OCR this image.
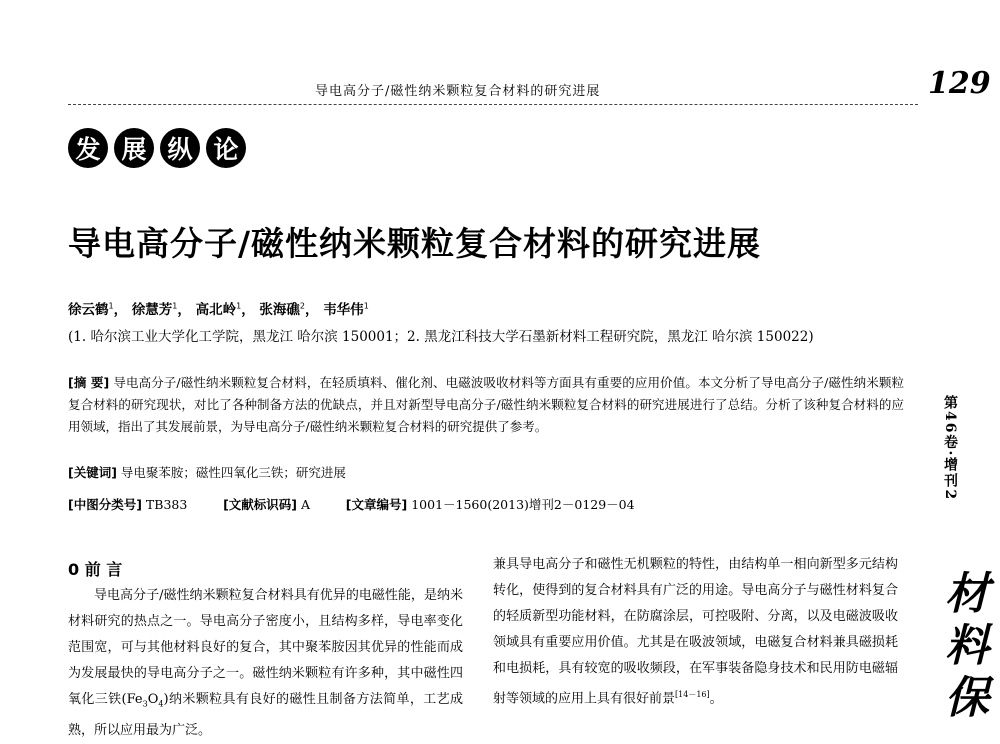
导电高分子/磁性纳米颗粒复合材料的研究进展	129
发 展 纵 论
导电高分子/磁性纳米颗粒复合材料的研究进展
徐云鹤$^1$， 徐慧芳$^1$， 高北岭$^1$， 张海礁$^2$， 韦华伟$^1$
(1. 哈尔滨工业大学化工学院，黑龙江 哈尔滨 150001；2. 黑龙江科技大学石墨新材料工程研究院，黑龙江 哈尔滨 150022)
[摘 要] 导电高分子/磁性纳米颗粒复合材料，在轻质填料、催化剂、电磁波吸收材料等方面具有重要的应用价值。本文分析了导电高分子/磁性纳米颗粒复合材料的研究现状，对比了各种制备方法的优缺点，并且对新型导电高分子/磁性纳米颗粒复合材料的研究进展进行了总结。分析了该种复合材料的应用领域，指出了其发展前景，为导电高分子/磁性纳米颗粒复合材料的研究提供了参考。
[关键词] 导电聚苯胺；磁性四氧化三铁；研究进展
[中图分类号] TB383	[文献标识码] A	[文章编号] 1001－1560(2013)增刊2－0129－04
0 前 言
导电高分子/磁性纳米颗粒复合材料具有优异的电磁性能，是纳米材料研究的热点之一。导电高分子密度小，且结构多样，导电率变化范围宽，可与其他材料良好的复合，其中聚苯胺因其优异的性能而成为发展最快的导电高分子之一。磁性纳米颗粒有许多种，其中磁性四氧化三铁$(Fe_3O_4)$纳米颗粒具有良好的磁性且制备方法简单，工艺成熟，所以应用最为广泛。
兼具导电高分子和磁性无机颗粒的特性，由结构单一相向新型多元结构转化，使得到的复合材料具有广泛的用途。导电高分子与磁性材料复合的轻质新型功能材料，在防腐涂层，可控吸附、分离，以及电磁波吸收领域具有重要应用价值。尤其是在吸波领域，电磁复合材料兼具磁损耗和电损耗，具有较宽的吸收频段，在军事装备隐身技术和民用防电磁辐射等领域的应用上具有很好前景[14－16]。
第46卷·增刊2
材料保
